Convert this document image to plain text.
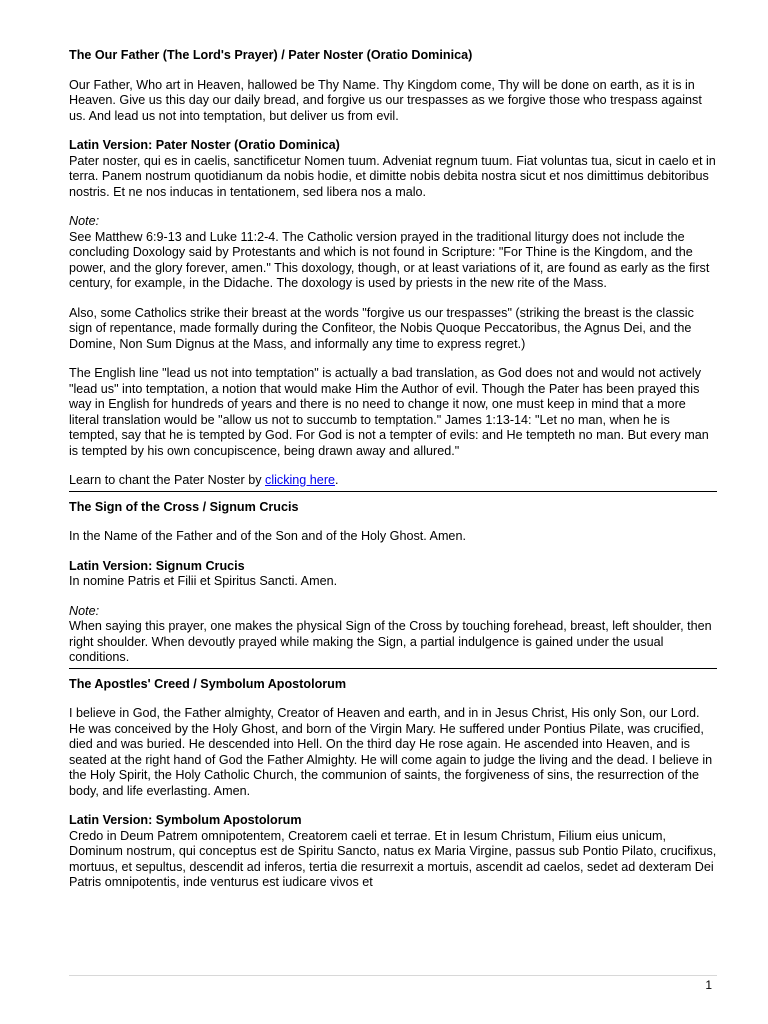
The Our Father (The Lord's Prayer) / Pater Noster (Oratio Dominica)

Our Father, Who art in Heaven, hallowed be Thy Name. Thy Kingdom come, Thy will be done on earth, as it is in Heaven. Give us this day our daily bread, and forgive us our trespasses as we forgive those who trespass against us. And lead us not into temptation, but deliver us from evil.

Latin Version: Pater Noster (Oratio Dominica)

Pater noster, qui es in caelis, sanctificetur Nomen tuum. Adveniat regnum tuum. Fiat voluntas tua, sicut in caelo et in terra. Panem nostrum quotidianum da nobis hodie, et dimitte nobis debita nostra sicut et nos dimittimus debitoribus nostris. Et ne nos inducas in tentationem, sed libera nos a malo.

Note:

See Matthew 6:9-13 and Luke 11:2-4. The Catholic version prayed in the traditional liturgy does not include the concluding Doxology said by Protestants and which is not found in Scripture: "For Thine is the Kingdom, and the power, and the glory forever, amen." This doxology, though, or at least variations of it, are found as early as the first century, for example, in the Didache. The doxology is used by priests in the new rite of the Mass.

Also, some Catholics strike their breast at the words "forgive us our trespasses" (striking the breast is the classic sign of repentance, made formally during the Confiteor, the Nobis Quoque Peccatoribus, the Agnus Dei, and the Domine, Non Sum Dignus at the Mass, and informally any time to express regret.)

The English line "lead us not into temptation" is actually a bad translation, as God does not and would not actively "lead us" into temptation, a notion that would make Him the Author of evil. Though the Pater has been prayed this way in English for hundreds of years and there is no need to change it now, one must keep in mind that a more literal translation would be "allow us not to succumb to temptation." James 1:13-14: "Let no man, when he is tempted, say that he is tempted by God. For God is not a tempter of evils: and He tempteth no man. But every man is tempted by his own concupiscence, being drawn away and allured."

Learn to chant the Pater Noster by clicking here.

The Sign of the Cross / Signum Crucis

In the Name of the Father and of the Son and of the Holy Ghost. Amen.

Latin Version: Signum Crucis

In nomine Patris et Filii et Spiritus Sancti. Amen.

Note:

When saying this prayer, one makes the physical Sign of the Cross by touching forehead, breast, left shoulder, then right shoulder. When devoutly prayed while making the Sign, a partial indulgence is gained under the usual conditions.

The Apostles' Creed / Symbolum Apostolorum

I believe in God, the Father almighty, Creator of Heaven and earth, and in in Jesus Christ, His only Son, our Lord. He was conceived by the Holy Ghost, and born of the Virgin Mary. He suffered under Pontius Pilate, was crucified, died and was buried. He descended into Hell. On the third day He rose again. He ascended into Heaven, and is seated at the right hand of God the Father Almighty. He will come again to judge the living and the dead. I believe in the Holy Spirit, the Holy Catholic Church, the communion of saints, the forgiveness of sins, the resurrection of the body, and life everlasting. Amen.

Latin Version: Symbolum Apostolorum

Credo in Deum Patrem omnipotentem, Creatorem caeli et terrae. Et in Iesum Christum, Filium eius unicum, Dominum nostrum, qui conceptus est de Spiritu Sancto, natus ex Maria Virgine, passus sub Pontio Pilato, crucifixus, mortuus, et sepultus, descendit ad inferos, tertia die resurrexit a mortuis, ascendit ad caelos, sedet ad dexteram Dei Patris omnipotentis, inde venturus est iudicare vivos et

1
